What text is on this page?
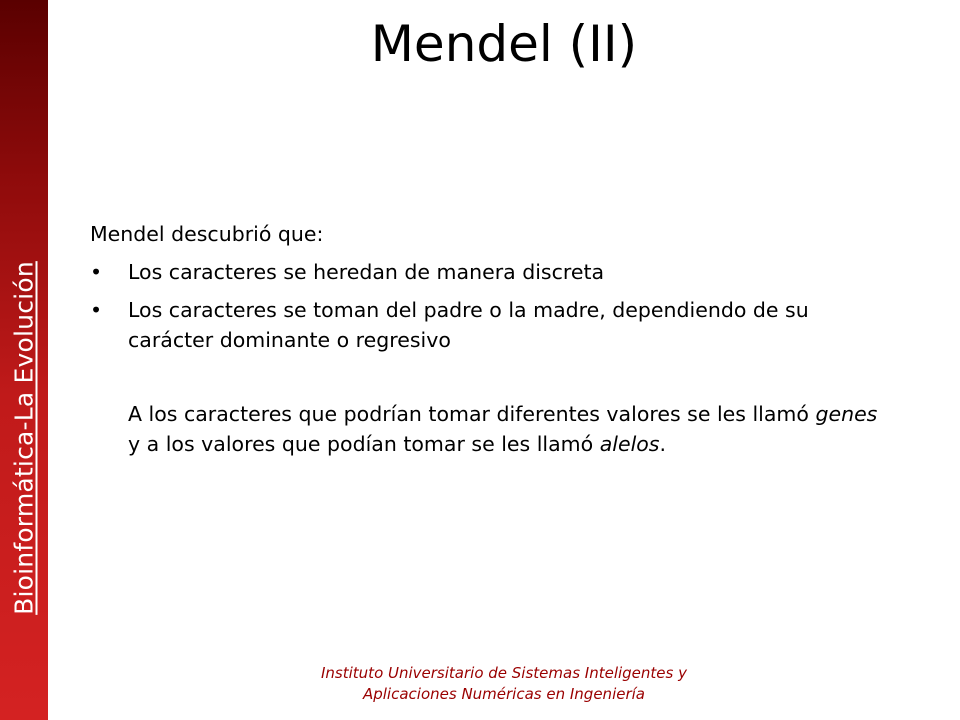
Bioinformática-La Evolución
Mendel (II)

Mendel descubrió que:

• Los caracteres se heredan de manera discreta
• Los caracteres se toman del padre o la madre, dependiendo de su carácter dominante o regresivo

A los caracteres que podrían tomar diferentes valores se les llamó genes y a los valores que podían tomar se les llamó alelos.

Instituto Universitario de Sistemas Inteligentes y
Aplicaciones Numéricas en Ingeniería
